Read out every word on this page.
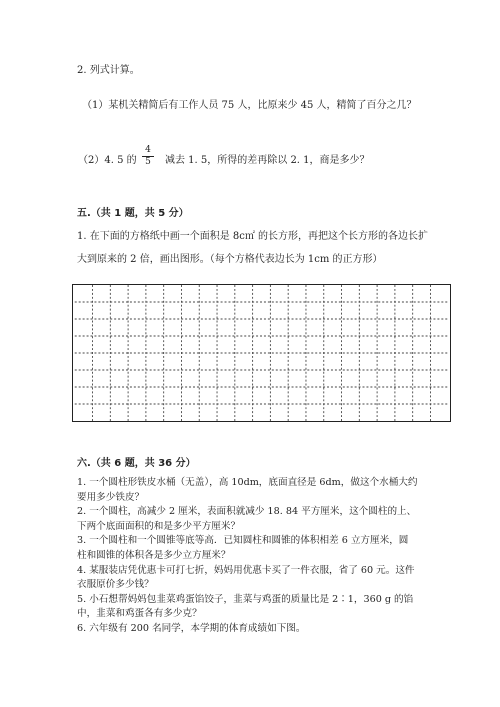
2. 列式计算。
（1）某机关精简后有工作人员 75 人，比原来少 45 人，精简了百分之几？
（2）4. 5 的 $\frac{4}{5}$ 减去 1. 5，所得的差再除以 2. 1，商是多少？
五.（共 1 题，共 5 分）
1. 在下面的方格纸中画一个面积是 8c㎡ 的长方形，再把这个长方形的各边长扩
大到原来的 2 倍，画出图形。（每个方格代表边长为 1cm 的正方形）
六.（共 6 题，共 36 分）
1. 一个圆柱形铁皮水桶（无盖），高 10dm，底面直径是 6dm，做这个水桶大约
要用多少铁皮？
2. 一个圆柱，高减少 2 厘米，表面积就减少 18. 84 平方厘米，这个圆柱的上、
下两个底面面积的和是多少平方厘米？
3. 一个圆柱和一个圆锥等底等高．已知圆柱和圆锥的体积相差 6 立方厘米，圆
柱和圆锥的体积各是多少立方厘米？
4. 某服装店凭优惠卡可打七折，妈妈用优惠卡买了一件衣服，省了 60 元。这件
衣服原价多少钱？
5. 小石想帮妈妈包韭菜鸡蛋馅饺子，韭菜与鸡蛋的质量比是 2∶1，360 g 的馅
中，韭菜和鸡蛋各有多少克？
6. 六年级有 200 名同学，本学期的体育成绩如下图。
